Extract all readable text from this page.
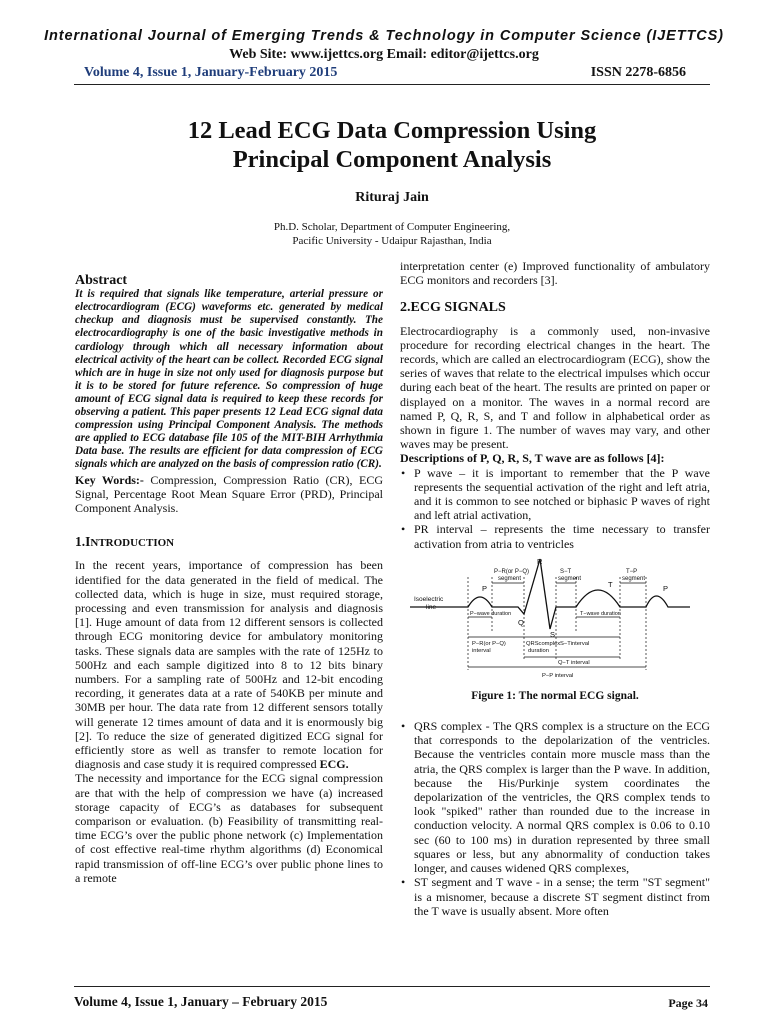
International Journal of Emerging Trends & Technology in Computer Science (IJETTCS)
Web Site: www.ijettcs.org Email: editor@ijettcs.org
Volume 4, Issue 1, January-February 2015	ISSN 2278-6856
12 Lead ECG Data Compression Using
Principal Component Analysis
Rituraj Jain
Ph.D. Scholar, Department of Computer Engineering,
Pacific University - Udaipur Rajasthan, India
Abstract

It is required that signals like temperature, arterial pressure or electrocardiogram (ECG) waveforms etc. generated by medical checkup and diagnosis must be supervised constantly. The electrocardiography is one of the basic investigative methods in cardiology through which all necessary information about electrical activity of the heart can be collect. Recorded ECG signal which are in huge in size not only used for diagnosis purpose but it is to be stored for future reference. So compression of huge amount of ECG signal data is required to keep these records for observing a patient. This paper presents 12 Lead ECG signal data compression using Principal Component Analysis. The methods are applied to ECG database file 105 of the MIT-BIH Arrhythmia Data base. The results are efficient for data compression of ECG signals which are analyzed on the basis of compression ratio (CR).

Key Words:- Compression, Compression Ratio (CR), ECG Signal, Percentage Root Mean Square Error (PRD), Principal Component Analysis.

1.INTRODUCTION

In the recent years, importance of compression has been identified for the data generated in the field of medical. The collected data, which is huge in size, must required storage, processing and even transmission for analysis and diagnosis [1]. Huge amount of data from 12 different sensors is collected through ECG monitoring device for ambulatory monitoring tasks. These signals data are samples with the rate of 125Hz to 500Hz and each sample digitized into 8 to 12 bits binary numbers. For a sampling rate of 500Hz and 12-bit encoding recording, it generates data at a rate of 540KB per minute and 30MB per hour. The data rate from 12 different sensors totally will generate 12 times amount of data and it is enormously big [2]. To reduce the size of generated digitized ECG signal for efficiently store as well as transfer to remote location for diagnosis and case study it is required compressed ECG.

The necessity and importance for the ECG signal compression are that with the help of compression we have (a) increased storage capacity of ECG’s as databases for subsequent comparison or evaluation. (b) Feasibility of transmitting real-time ECG’s over the public phone network (c) Implementation of cost effective real-time rhythm algorithms (d) Economical rapid transmission of off-line ECG’s over public phone lines to a remote

interpretation center (e) Improved functionality of ambulatory ECG monitors and recorders [3].

2.ECG SIGNALS

Electrocardiography is a commonly used, non-invasive procedure for recording electrical changes in the heart. The records, which are called an electrocardiogram (ECG), show the series of waves that relate to the electrical impulses which occur during each beat of the heart. The results are printed on paper or displayed on a monitor. The waves in a normal record are named P, Q, R, S, and T and follow in alphabetical order as shown in figure 1. The number of waves may vary, and other waves may be present.

Descriptions of P, Q, R, S, T wave are as follows [4]:

• P wave – it is important to remember that the P wave represents the sequential activation of the right and left atria, and it is common to see notched or biphasic P waves of right and left atrial activation,
• PR interval – represents the time necessary to transfer activation from atria to ventricles
R
P	T	P
Q
S
Isoelectric
line
P−R(or P−Q)
segment
S−T
segment
T−P
segment
P−wave duration	T−wave duration
P−R(or P−Q)
interval
QRScomplex
duration
S−Tinterval
Q−T interval
P−P interval
Figure 1: The normal ECG signal.
• QRS complex - The QRS complex is a structure on the ECG that corresponds to the depolarization of the ventricles. Because the ventricles contain more muscle mass than the atria, the QRS complex is larger than the P wave. In addition, because the His/Purkinje system coordinates the depolarization of the ventricles, the QRS complex tends to look "spiked" rather than rounded due to the increase in conduction velocity. A normal QRS complex is 0.06 to 0.10 sec (60 to 100 ms) in duration represented by three small squares or less, but any abnormality of conduction takes longer, and causes widened QRS complexes,
• ST segment and T wave - in a sense; the term "ST segment" is a misnomer, because a discrete ST segment distinct from the T wave is usually absent. More often
Volume 4, Issue 1, January – February 2015	Page 34
